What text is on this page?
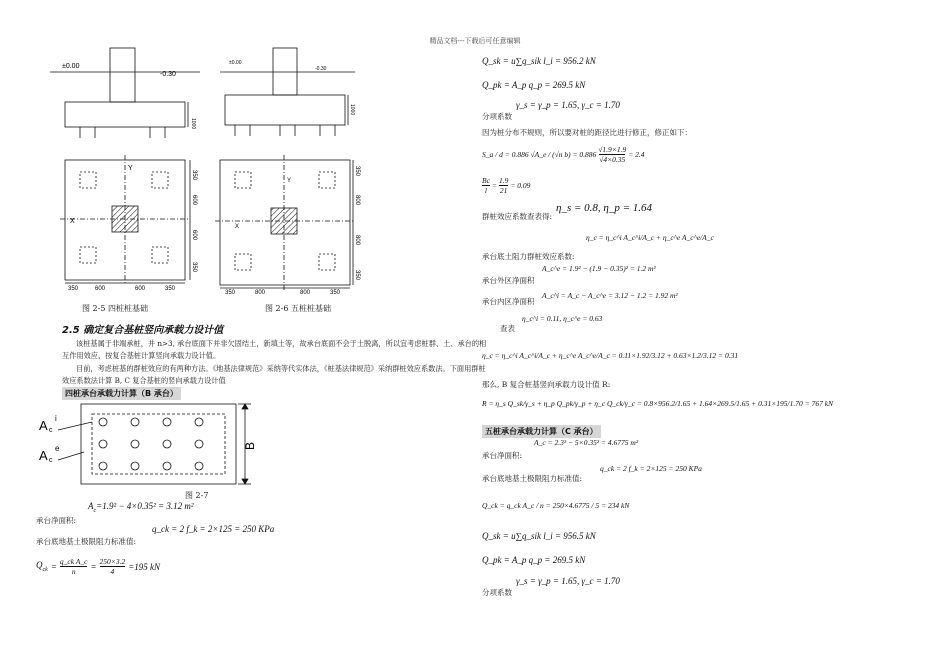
精品文档---下载后可任意编辑
±0.00
-0.30
1000
X
Y
350	600	600	350
350
600
600
350
图 2-5 四桩桩基础
±0.00
-0.30
1000
X
Y
350	800	800	350
350
800
800
350
图 2-6 五桩桩基础
2.5 确定复合基桩竖向承载力设计值
该桩基属于非端承桩，并 n>3, 承台底面下并非欠固结土，新填土等，故承台底面不会于土脱离，所以宜考虑桩群、土、承台的相互作用效应，按复合基桩计算竖向承载力设计值。
目前，考虑桩基的群桩效应的有两种方法。《地基法律规范》采纳等代实体法，《桩基法律规范》采纳群桩效应系数法。下面用群桩效应系数法计算 B, C 复合基桩的竖向承载力设计值
四桩承台承载力计算（B 承台）
A c
i
A c
e	B
图 2-7
$A_c=1.9^2 - 4\times 0.35^2 = 3.12$ m²
承台净面积:
q_ck = 2 f_k = 2×125 = 250 KPa
承台底地基土极限阻力标准值:
$Q_{ck} = \frac{\text{q\_ck A\_c}}{n} = \frac{250\times 3.2}{4} =195$ kN
Q_sk = u∑q_sik l_i = 956.2 kN
Q_pk = A_p q_p = 269.5 kN
γ_s = γ_p = 1.65, γ_c = 1.70
分项系数
因为桩分布不规则，所以要对桩的距径比进行修正，修正如下：
S_a / d = 0.886 √A_e / (√n $b) = 0.886 \frac{√1.9\times 1.9}{√4\times 0.35} = 2.4$
$\frac{Bc}{l} = \frac{1.9}{21} = 0.09$
群桩效应系数查表得:
η_s = 0.8, η_p = 1.64
η_c = η_c^i A_c^i/A_c + η_c^e A_c^e/A_c
承台底土阻力群桩效应系数:
承台外区净面积
A_c^e = 1.9² − (1.9 − 0.35)² = 1.2 m²
承台内区净面积
A_c^i = A_c − A_c^e = 3.12 − 1.2 = 1.92 m²
查表
η_c^i = 0.11, η_c^e = 0.63
η_c = η_c^i A_c^i/A_c + η_c^e A_c^e/A_c = 0.11×1.92/3.12 + 0.63×1.2/3.12 = 0.31
那么, B 复合桩基竖向承载力设计值 R:
R = η_s Q_sk/γ_s + η_p Q_pk/γ_p + η_c Q_ck/γ_c = 0.8×956.2/1.65 + 1.64×269.5/1.65 + 0.31×195/1.70 = 767 kN
五桩承台承载力计算（C 承台）
A_c = 2.3² − 5×0.35² = 4.6775 m²
承台净面积:
承台底地基土极限阻力标准值:
q_ck = 2 f_k = 2×125 = 250 KPa
Q_ck = q_ck A_c / n = 250×4.6775 / 5 = 234 kN
Q_sk = u∑q_sik l_i = 956.5 kN
Q_pk = A_p q_p = 269.5 kN
γ_s = γ_p = 1.65, γ_c = 1.70
分项系数
